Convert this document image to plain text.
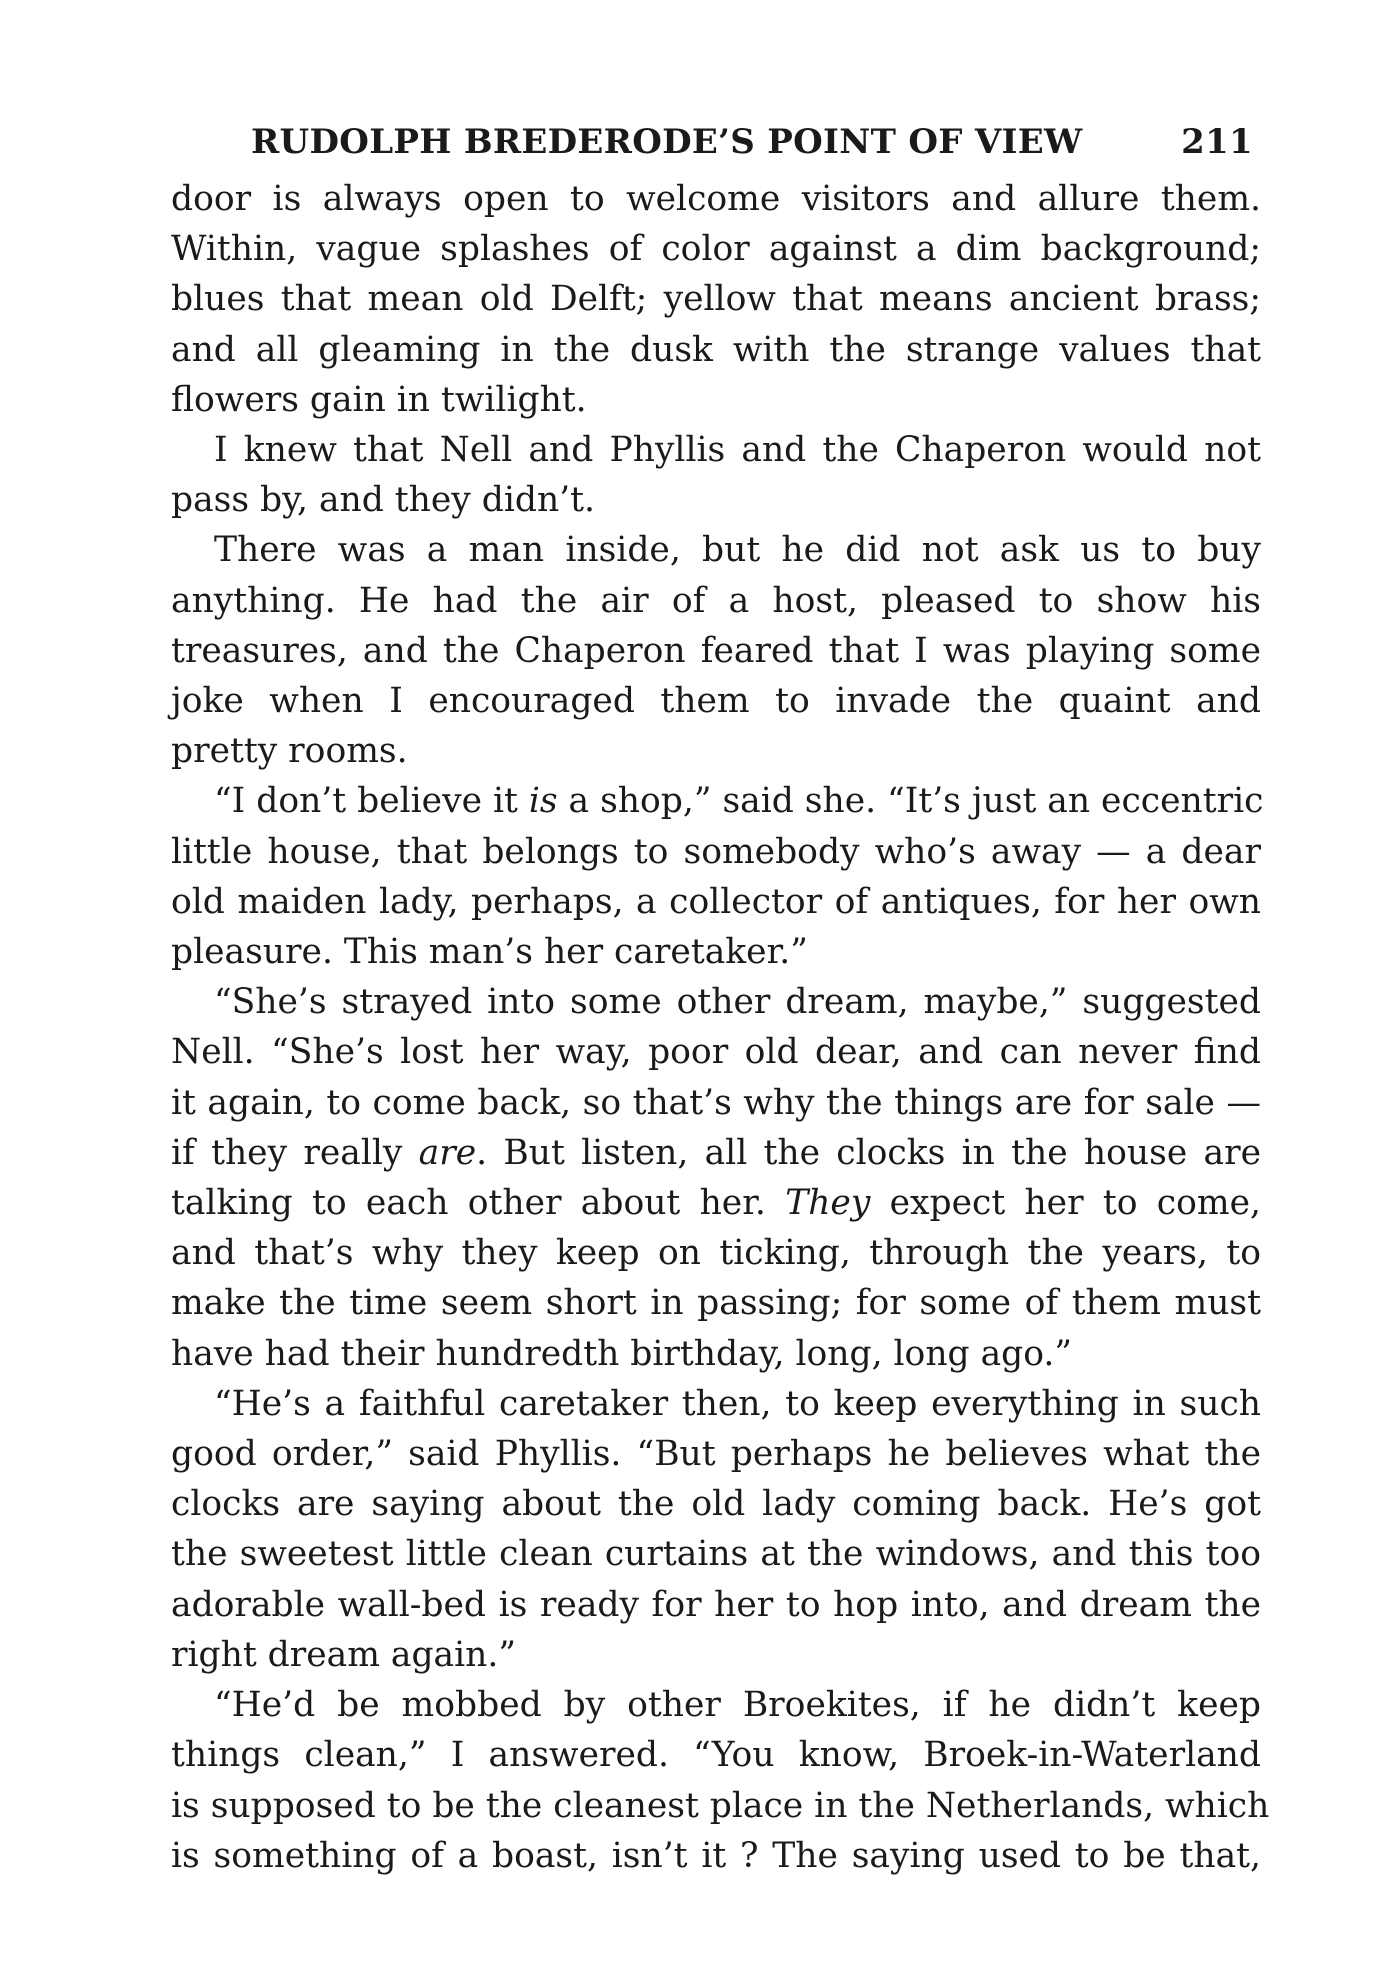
RUDOLPH BREDERODE’S POINT OF VIEW	211
door is always open to welcome visitors and allure them.
Within, vague splashes of color against a dim background;
blues that mean old Delft; yellow that means ancient brass;
and all gleaming in the dusk with the strange values that
flowers gain in twilight.
I knew that Nell and Phyllis and the Chaperon would not
pass by, and they didn’t.
There was a man inside, but he did not ask us to buy
anything. He had the air of a host, pleased to show his
treasures, and the Chaperon feared that I was playing some
joke when I encouraged them to invade the quaint and
pretty rooms.
“I don’t believe it is a shop,” said she. “It’s just an eccentric
little house, that belongs to somebody who’s away — a dear
old maiden lady, perhaps, a collector of antiques, for her own
pleasure. This man’s her caretaker.”
“She’s strayed into some other dream, maybe,” suggested
Nell. “She’s lost her way, poor old dear, and can never find
it again, to come back, so that’s why the things are for sale —
if they really are. But listen, all the clocks in the house are
talking to each other about her. They expect her to come,
and that’s why they keep on ticking, through the years, to
make the time seem short in passing; for some of them must
have had their hundredth birthday, long, long ago.”
“He’s a faithful caretaker then, to keep everything in such
good order,” said Phyllis. “But perhaps he believes what the
clocks are saying about the old lady coming back. He’s got
the sweetest little clean curtains at the windows, and this too
adorable wall-bed is ready for her to hop into, and dream the
right dream again.”
“He’d be mobbed by other Broekites, if he didn’t keep
things clean,” I answered. “You know, Broek-in-Waterland
is supposed to be the cleanest place in the Netherlands, which
is something of a boast, isn’t it ? The saying used to be that,
